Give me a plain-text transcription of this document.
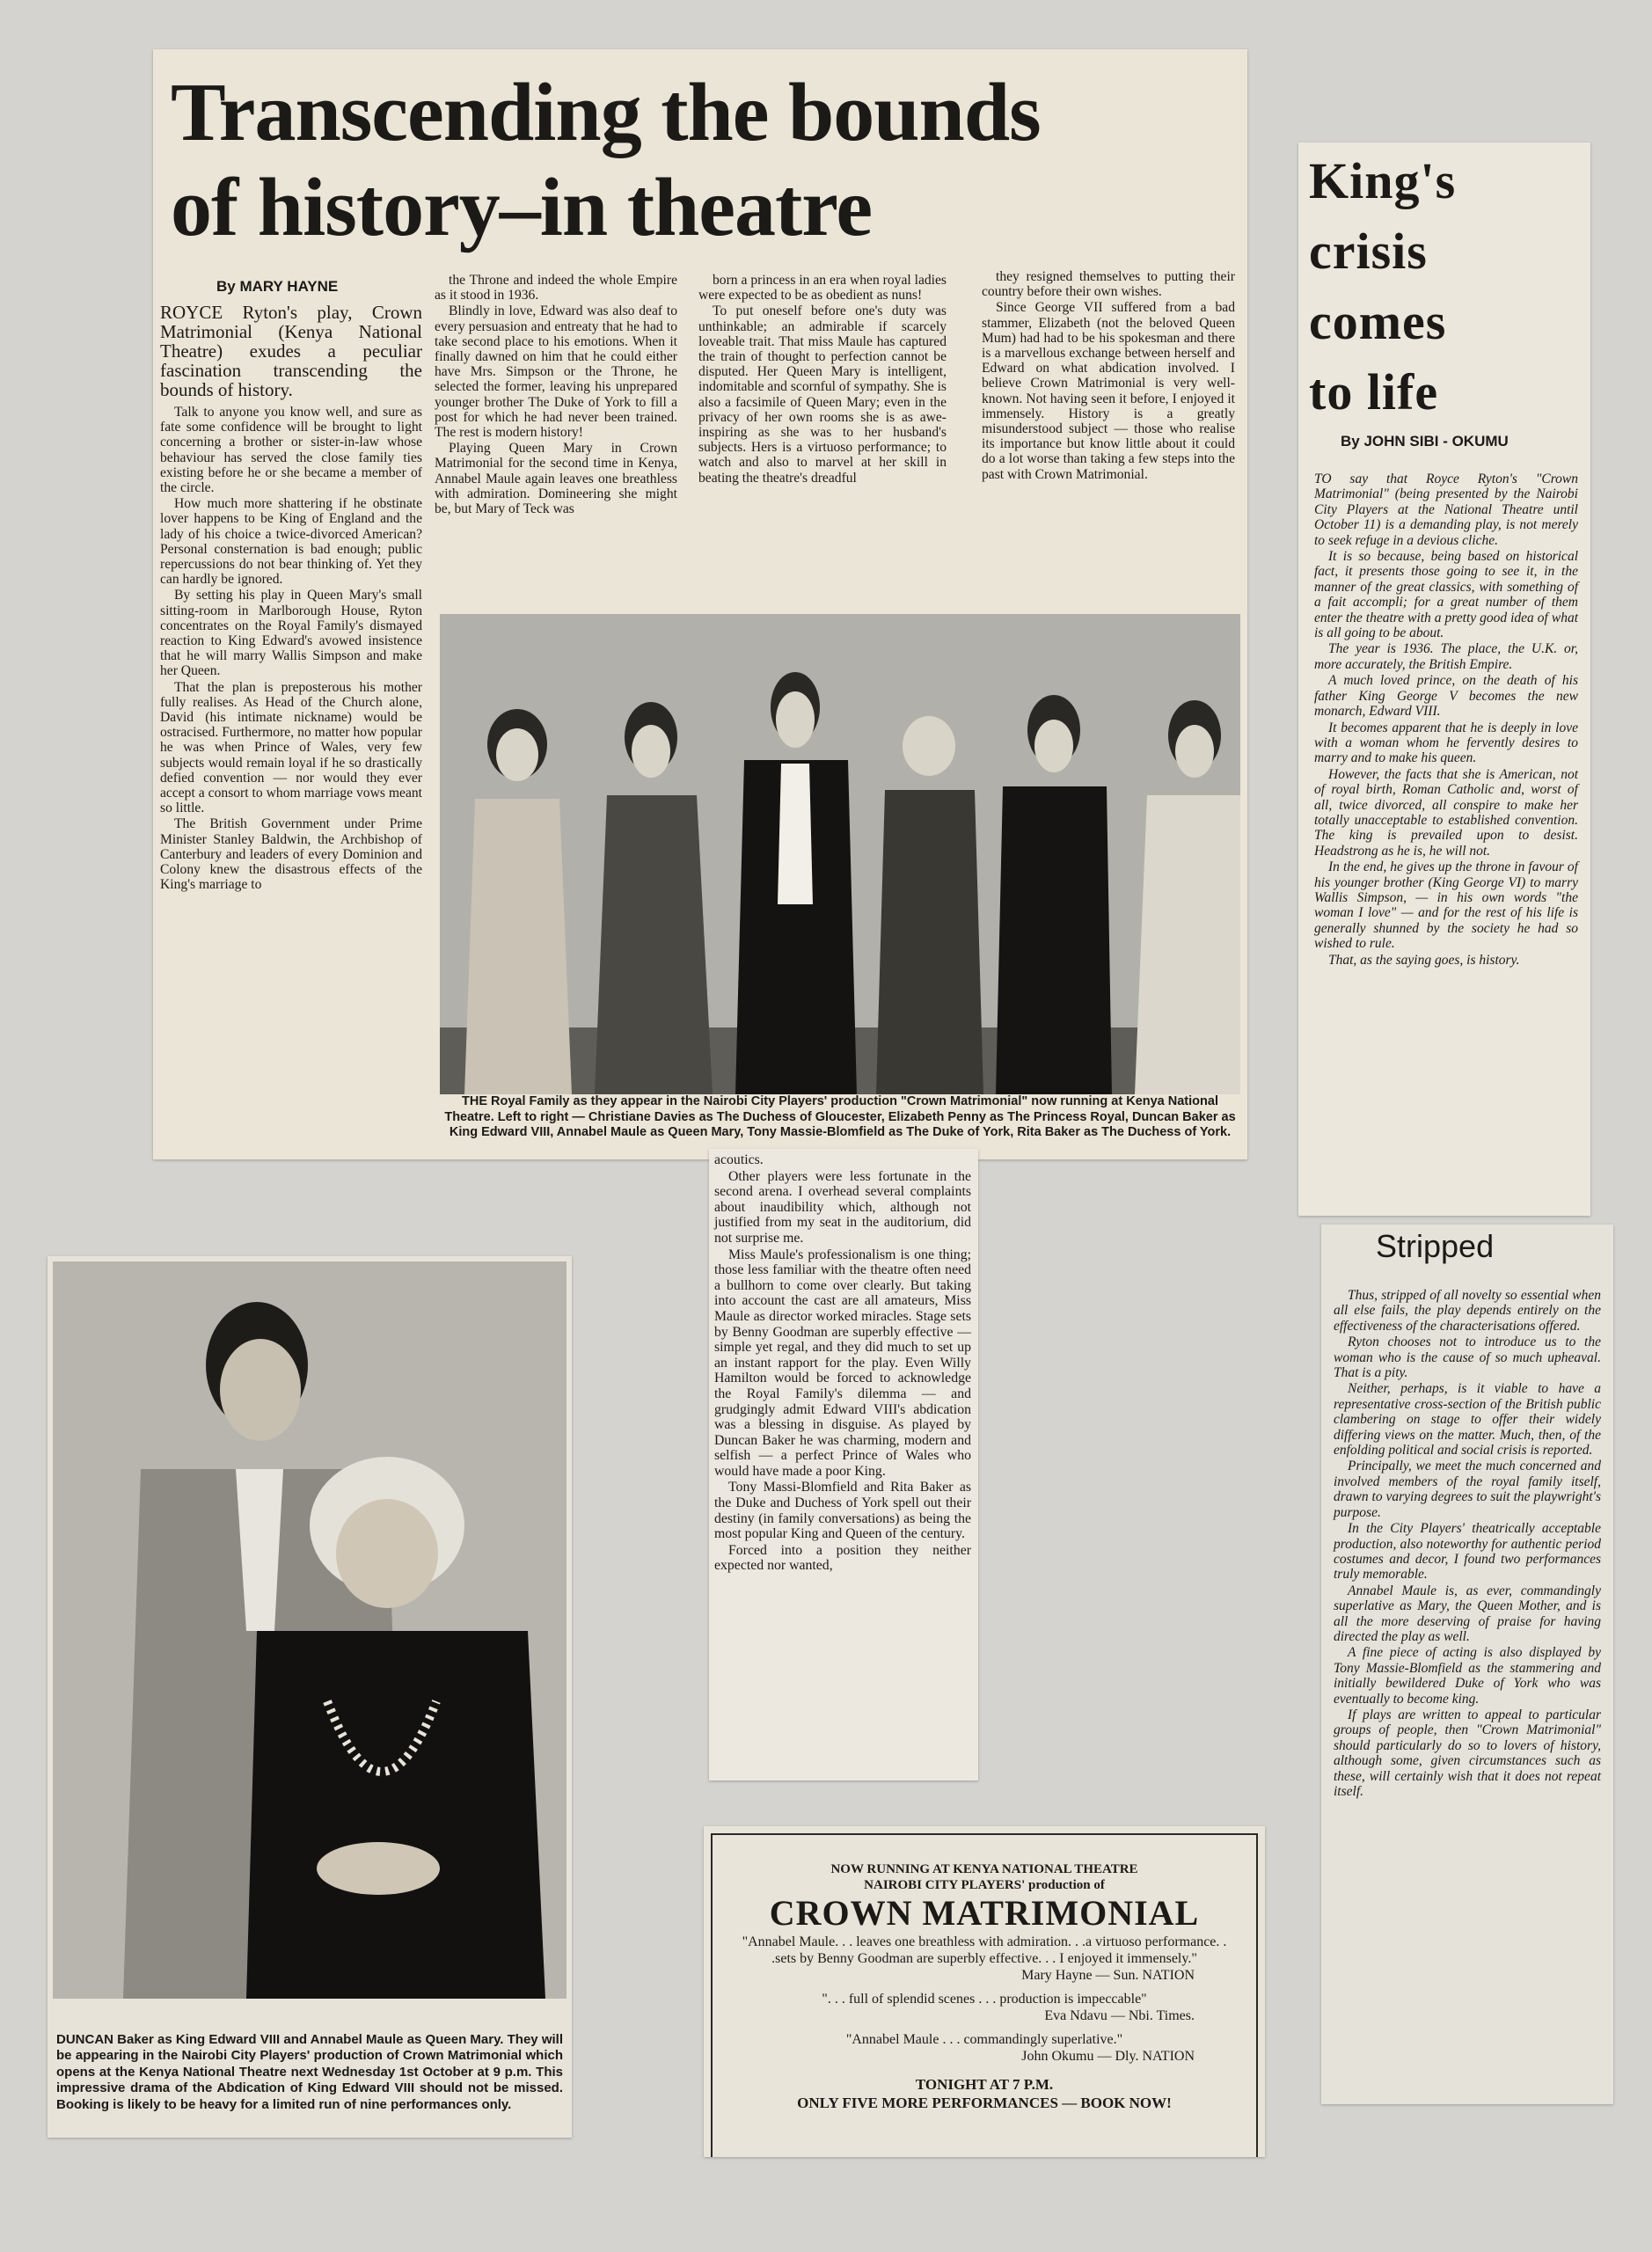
Transcending the bounds
of history–in theatre
By MARY HAYNE

ROYCE Ryton's play, Crown Matrimonial (Kenya National Theatre) exudes a peculiar fascination transcending the bounds of history.

Talk to anyone you know well, and sure as fate some confidence will be brought to light concerning a brother or sister-in-law whose behaviour has served the close family ties existing before he or she became a member of the circle.

How much more shattering if he obstinate lover happens to be King of England and the lady of his choice a twice-divorced American? Personal consternation is bad enough; public repercussions do not bear thinking of. Yet they can hardly be ignored.

By setting his play in Queen Mary's small sitting-room in Marlborough House, Ryton concentrates on the Royal Family's dismayed reaction to King Edward's avowed insistence that he will marry Wallis Simpson and make her Queen.

That the plan is preposterous his mother fully realises. As Head of the Church alone, David (his intimate nickname) would be ostracised. Furthermore, no matter how popular he was when Prince of Wales, very few subjects would remain loyal if he so drastically defied convention — nor would they ever accept a consort to whom marriage vows meant so little.

The British Government under Prime Minister Stanley Baldwin, the Archbishop of Canterbury and leaders of every Dominion and Colony knew the disastrous effects of the King's marriage to

the Throne and indeed the whole Empire as it stood in 1936.

Blindly in love, Edward was also deaf to every persuasion and entreaty that he had to take second place to his emotions. When it finally dawned on him that he could either have Mrs. Simpson or the Throne, he selected the former, leaving his unprepared younger brother The Duke of York to fill a post for which he had never been trained. The rest is modern history!

Playing Queen Mary in Crown Matrimonial for the second time in Kenya, Annabel Maule again leaves one breathless with admiration. Domineering she might be, but Mary of Teck was

born a princess in an era when royal ladies were expected to be as obedient as nuns!

To put oneself before one's duty was unthinkable; an admirable if scarcely loveable trait. That miss Maule has captured the train of thought to perfection cannot be disputed. Her Queen Mary is intelligent, indomitable and scornful of sympathy. She is also a facsimile of Queen Mary; even in the privacy of her own rooms she is as awe-inspiring as she was to her husband's subjects. Hers is a virtuoso performance; to watch and also to marvel at her skill in beating the theatre's dreadful

they resigned themselves to putting their country before their own wishes.

Since George VII suffered from a bad stammer, Elizabeth (not the beloved Queen Mum) had had to be his spokesman and there is a marvellous exchange between herself and Edward on what abdication involved. I believe Crown Matrimonial is very well-known. Not having seen it before, I enjoyed it immensely. History is a greatly misunderstood subject — those who realise its importance but know little about it could do a lot worse than taking a few steps into the past with Crown Matrimonial.

THE Royal Family as they appear in the Nairobi City Players' production "Crown Matrimonial" now running at Kenya National Theatre. Left to right — Christiane Davies as The Duchess of Gloucester, Elizabeth Penny as The Princess Royal, Duncan Baker as King Edward VIII, Annabel Maule as Queen Mary, Tony Massie-Blomfield as The Duke of York, Rita Baker as The Duchess of York.

acoutics.

Other players were less fortunate in the second arena. I overhead several complaints about inaudibility which, although not justified from my seat in the auditorium, did not surprise me.

Miss Maule's professionalism is one thing; those less familiar with the theatre often need a bullhorn to come over clearly. But taking into account the cast are all amateurs, Miss Maule as director worked miracles. Stage sets by Benny Goodman are superbly effective — simple yet regal, and they did much to set up an instant rapport for the play. Even Willy Hamilton would be forced to acknowledge the Royal Family's dilemma — and grudgingly admit Edward VIII's abdication was a blessing in disguise. As played by Duncan Baker he was charming, modern and selfish — a perfect Prince of Wales who would have made a poor King.

Tony Massi-Blomfield and Rita Baker as the Duke and Duchess of York spell out their destiny (in family conversations) as being the most popular King and Queen of the century.

Forced into a position they neither expected nor wanted,

DUNCAN Baker as King Edward VIII and Annabel Maule as Queen Mary. They will be appearing in the Nairobi City Players' production of Crown Matrimonial which opens at the Kenya National Theatre next Wednesday 1st October at 9 p.m. This impressive drama of the Abdication of King Edward VIII should not be missed. Booking is likely to be heavy for a limited run of nine performances only.
NOW RUNNING AT KENYA NATIONAL THEATRE
NAIROBI CITY PLAYERS' production of
CROWN MATRIMONIAL
"Annabel Maule. . . leaves one breathless with admiration. . .a virtuoso performance. . .sets by Benny Goodman are superbly effective. . . I enjoyed it immensely."
Mary Hayne — Sun. NATION
". . . full of splendid scenes . . . production is impeccable"
Eva Ndavu — Nbi. Times.
"Annabel Maule . . . commandingly superlative."
John Okumu — Dly. NATION
TONIGHT AT 7 P.M.
ONLY FIVE MORE PERFORMANCES — BOOK NOW!
King's
crisis
comes
to life
By JOHN SIBI - OKUMU

TO say that Royce Ryton's "Crown Matrimonial" (being presented by the Nairobi City Players at the National Theatre until October 11) is a demanding play, is not merely to seek refuge in a devious cliche.

It is so because, being based on historical fact, it presents those going to see it, in the manner of the great classics, with something of a fait accompli; for a great number of them enter the theatre with a pretty good idea of what is all going to be about.

The year is 1936. The place, the U.K. or, more accurately, the British Empire.

A much loved prince, on the death of his father King George V becomes the new monarch, Edward VIII.

It becomes apparent that he is deeply in love with a woman whom he fervently desires to marry and to make his queen.

However, the facts that she is American, not of royal birth, Roman Catholic and, worst of all, twice divorced, all conspire to make her totally unacceptable to established convention. The king is prevailed upon to desist. Headstrong as he is, he will not.

In the end, he gives up the throne in favour of his younger brother (King George VI) to marry Wallis Simpson, — in his own words "the woman I love" — and for the rest of his life is generally shunned by the society he had so wished to rule.

That, as the saying goes, is history.

Stripped

Thus, stripped of all novelty so essential when all else fails, the play depends entirely on the effectiveness of the characterisations offered.

Ryton chooses not to introduce us to the woman who is the cause of so much upheaval. That is a pity.

Neither, perhaps, is it viable to have a representative cross-section of the British public clambering on stage to offer their widely differing views on the matter. Much, then, of the enfolding political and social crisis is reported.

Principally, we meet the much concerned and involved members of the royal family itself, drawn to varying degrees to suit the playwright's purpose.

In the City Players' theatrically acceptable production, also noteworthy for authentic period costumes and decor, I found two performances truly memorable.

Annabel Maule is, as ever, commandingly superlative as Mary, the Queen Mother, and is all the more deserving of praise for having directed the play as well.

A fine piece of acting is also displayed by Tony Massie-Blomfield as the stammering and initially bewildered Duke of York who was eventually to become king.

If plays are written to appeal to particular groups of people, then "Crown Matrimonial" should particularly do so to lovers of history, although some, given circumstances such as these, will certainly wish that it does not repeat itself.
